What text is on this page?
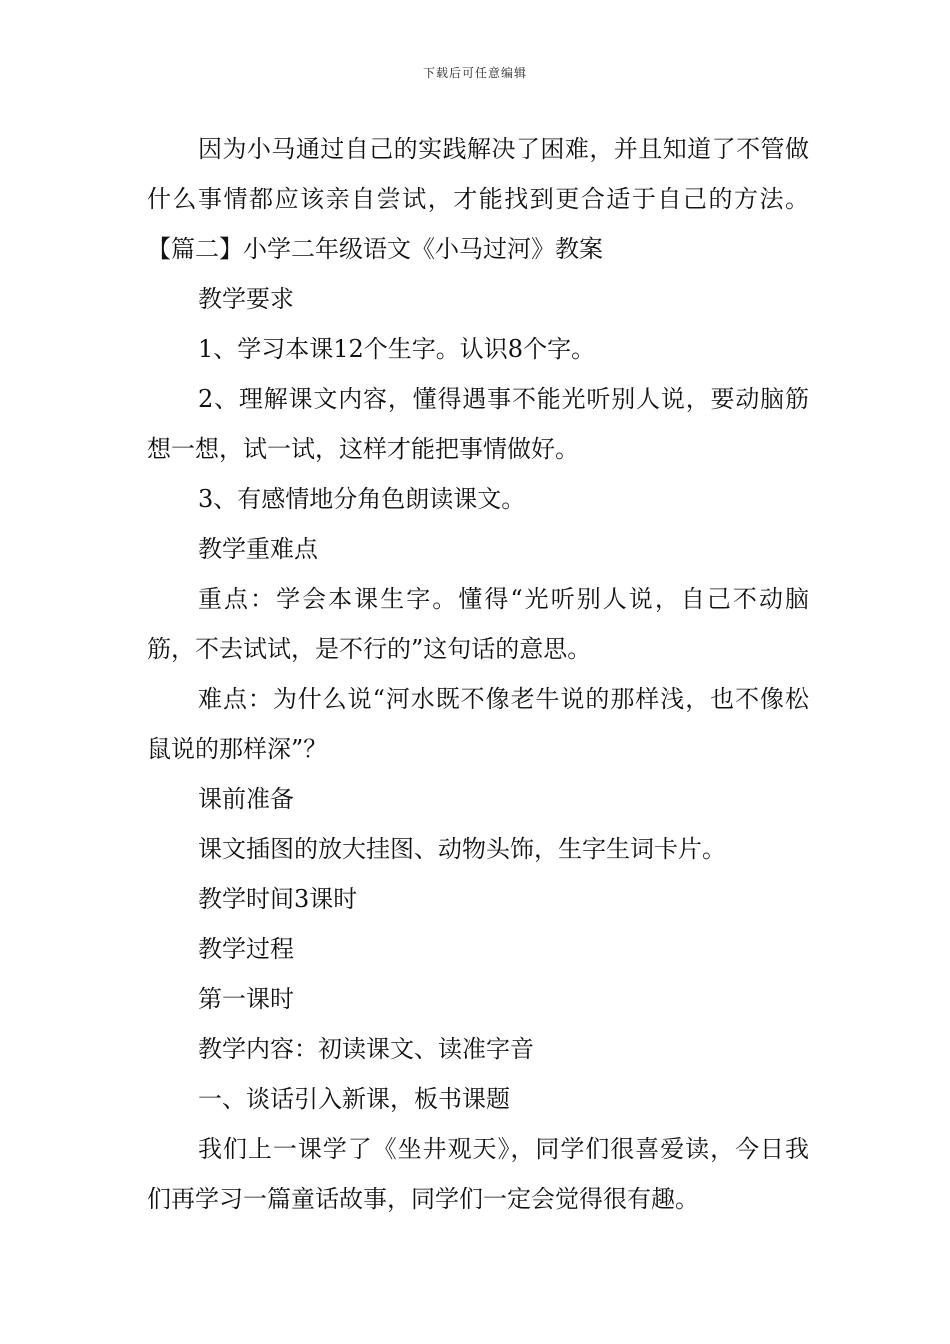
下载后可任意编辑

因为小马通过自己的实践解决了困难，并且知道了不管做什么事情都应该亲自尝试，才能找到更合适于自己的方法。 【篇二】小学二年级语文《小马过河》教案

教学要求

1、学习本课12个生字。认识8个字。

2、理解课文内容，懂得遇事不能光听别人说，要动脑筋想一想，试一试，这样才能把事情做好。

3、有感情地分角色朗读课文。

教学重难点

重点：学会本课生字。懂得“光听别人说，自己不动脑筋，不去试试，是不行的”这句话的意思。

难点：为什么说“河水既不像老牛说的那样浅，也不像松鼠说的那样深”？

课前准备

课文插图的放大挂图、动物头饰，生字生词卡片。

教学时间3课时

教学过程

第一课时

教学内容：初读课文、读准字音

一、谈话引入新课，板书课题

我们上一课学了《坐井观天》，同学们很喜爱读，今日我们再学习一篇童话故事，同学们一定会觉得很有趣。
